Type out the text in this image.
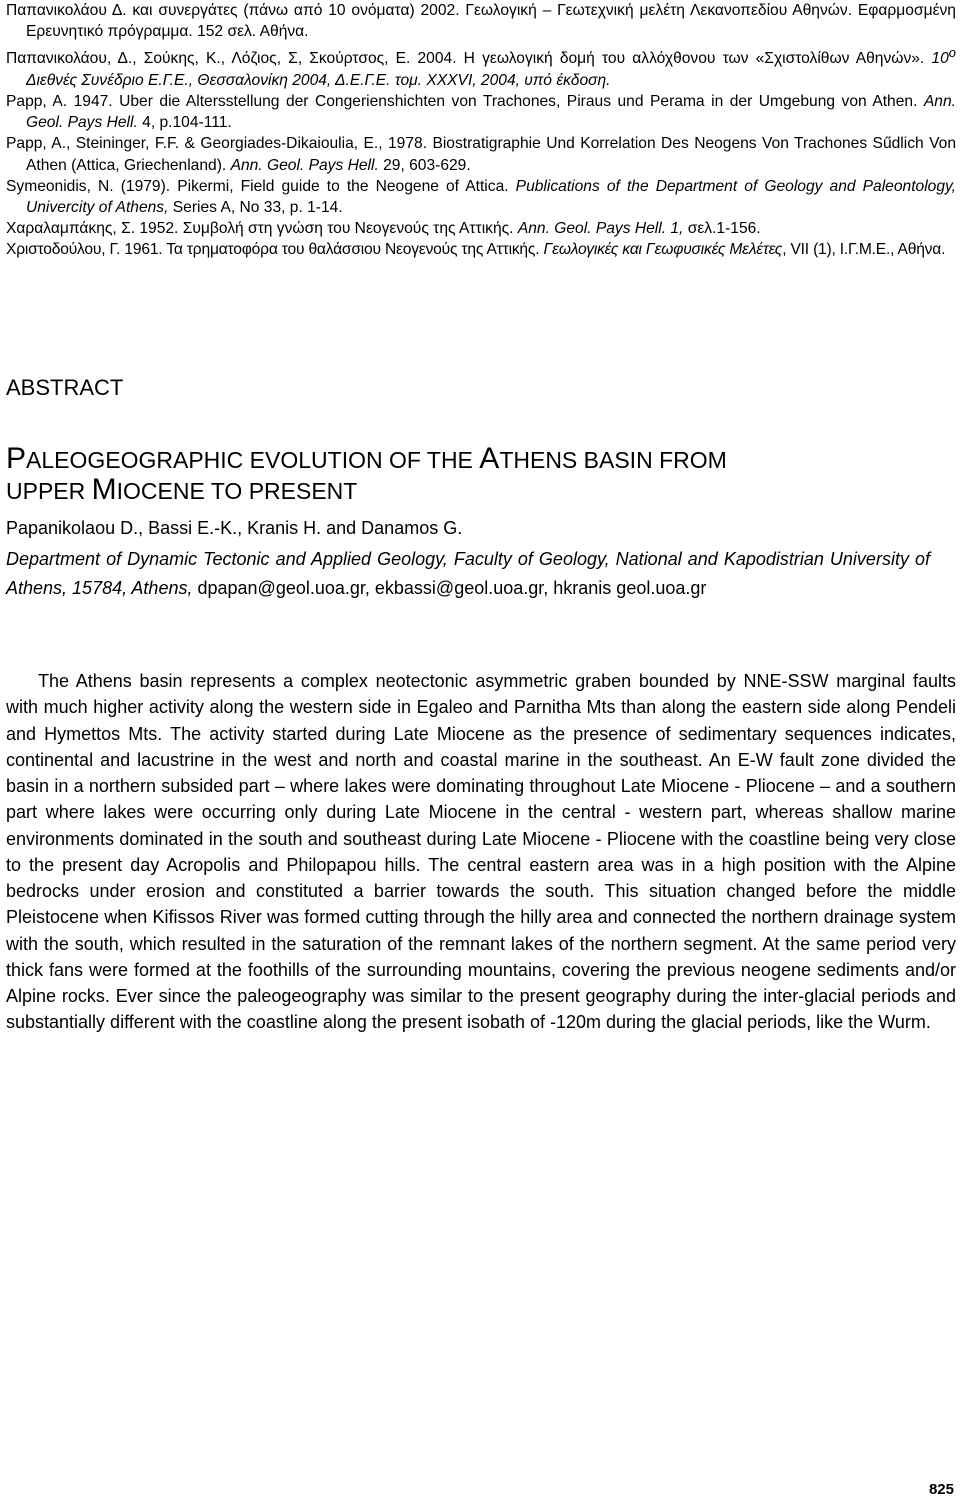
Παπανικολάου Δ. και συνεργάτες (πάνω από 10 ονόματα) 2002. Γεωλογική – Γεωτεχνική μελέτη Λεκανοπεδίου Αθηνών. Εφαρμοσμένη Ερευνητικό πρόγραμμα. 152 σελ. Αθήνα.

Παπανικολάου, Δ., Σούκης, Κ., Λόζιος, Σ, Σκούρτσος, Ε. 2004. Η γεωλογική δομή του αλλόχθονου των «Σχιστολίθων Αθηνών». $10^o$ Διεθνές Συνέδριο Ε.Γ.Ε., Θεσσαλονίκη 2004, Δ.Ε.Γ.Ε. τομ. XXXVI, 2004, υπό έκδοση.

Papp, A. 1947. Uber die Altersstellung der Congerienshichten von Trachones, Piraus und Perama in der Umgebung von Athen. Ann. Geol. Pays Hell. 4, p.104-111.

Papp, A., Steininger, F.F. & Georgiades-Dikaioulia, E., 1978. Biostratigraphie Und Korrelation Des Neogens Von Trachones Sűdlich Von Athen (Attica, Griechenland). Ann. Geol. Pays Hell. 29, 603-629.

Symeonidis, N. (1979). Pikermi, Field guide to the Neogene of Attica. Publications of the Department of Geology and Paleontology, Univercity of Athens, Series A, No 33, p. 1-14.

Χαραλαμπάκης, Σ. 1952. Συμβολή στη γνώση του Νεογενούς της Αττικής. Ann. Geol. Pays Hell. 1, σελ.1-156.

Χριστοδούλου, Γ. 1961. Τα τρηματοφόρα του θαλάσσιου Νεογενούς της Αττικής. Γεωλογικές και Γεωφυσικές Μελέτες, VII (1), Ι.Γ.Μ.Ε., Αθήνα.

ABSTRACT
PALEOGEOGRAPHIC EVOLUTION OF THE ATHENS BASIN FROM
UPPER MIOCENE TO PRESENT

Papanikolaou D., Bassi E.-K., Kranis H. and Danamos G.

Department of Dynamic Tectonic and Applied Geology, Faculty of Geology, National and Kapodistrian University of Athens, 15784, Athens, dpapan@geol.uoa.gr, ekbassi@geol.uoa.gr, hkranis geol.uoa.gr

The Athens basin represents a complex neotectonic asymmetric graben bounded by NNE-SSW marginal faults with much higher activity along the western side in Egaleo and Parnitha Mts than along the eastern side along Pendeli and Hymettos Mts. The activity started during Late Miocene as the presence of sedimentary sequences indicates, continental and lacustrine in the west and north and coastal marine in the southeast. An E-W fault zone divided the basin in a northern subsided part – where lakes were dominating throughout Late Miocene - Pliocene – and a southern part where lakes were occurring only during Late Miocene in the central - western part, whereas shallow marine environments dominated in the south and southeast during Late Miocene - Pliocene with the coastline being very close to the present day Acropolis and Philopapou hills. The central eastern area was in a high position with the Alpine bedrocks under erosion and constituted a barrier towards the south. This situation changed before the middle Pleistocene when Kifissos River was formed cutting through the hilly area and connected the northern drainage system with the south, which resulted in the saturation of the remnant lakes of the northern segment. At the same period very thick fans were formed at the foothills of the surrounding mountains, covering the previous neogene sediments and/or Alpine rocks. Ever since the paleogeography was similar to the present geography during the inter-glacial periods and substantially different with the coastline along the present isobath of -120m during the glacial periods, like the Wurm.

825
